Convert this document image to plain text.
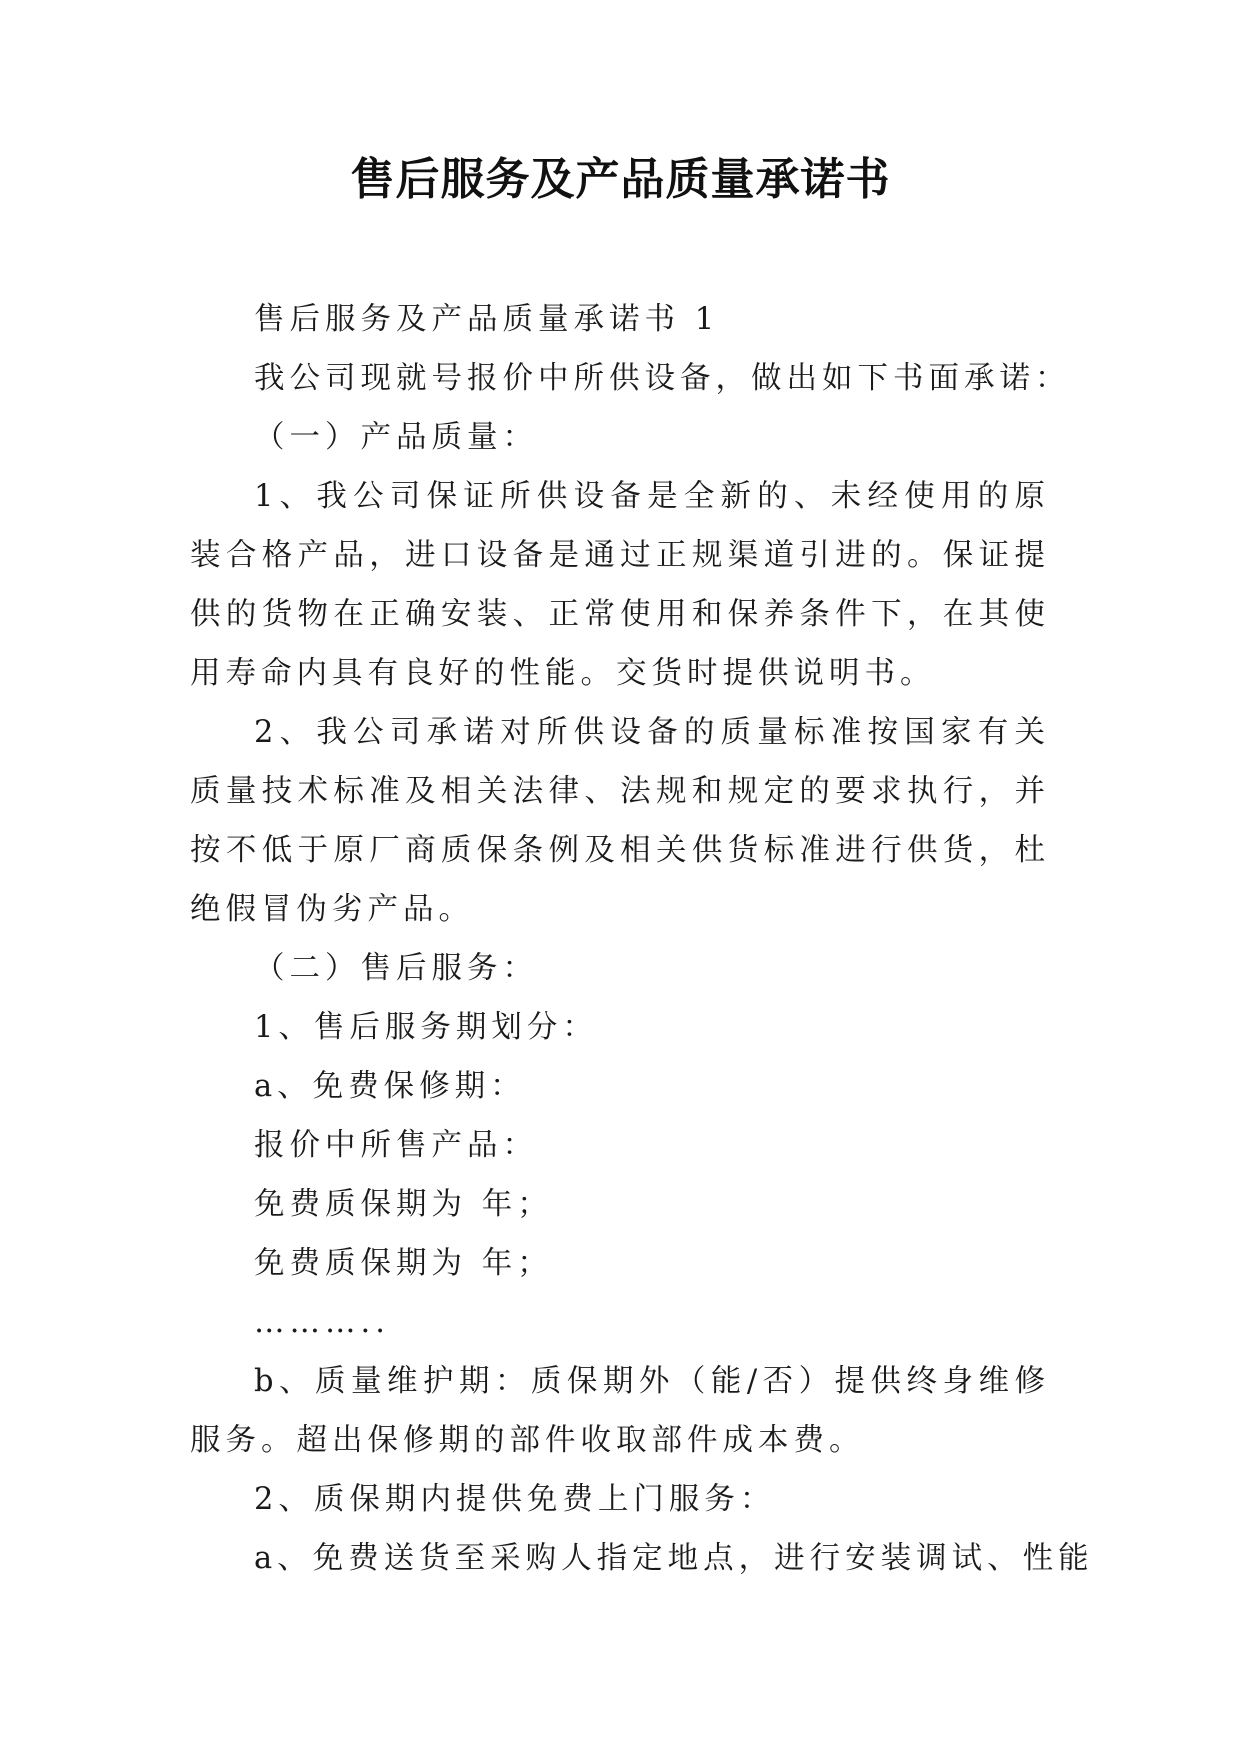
售后服务及产品质量承诺书

售后服务及产品质量承诺书 1

我公司现就号报价中所供设备，做出如下书面承诺：

（一）产品质量：

1、我公司保证所供设备是全新的、未经使用的原装合格产品，进口设备是通过正规渠道引进的。保证提供的货物在正确安装、正常使用和保养条件下，在其使用寿命内具有良好的性能。交货时提供说明书。

2、我公司承诺对所供设备的质量标准按国家有关质量技术标准及相关法律、法规和规定的要求执行，并按不低于原厂商质保条例及相关供货标准进行供货，杜绝假冒伪劣产品。

（二）售后服务：

1、售后服务期划分：

a、免费保修期：

报价中所售产品：

免费质保期为 年；

免费质保期为 年；

………..

b、质量维护期：质保期外（能/否）提供终身维修服务。超出保修期的部件收取部件成本费。

2、质保期内提供免费上门服务：

a、免费送货至采购人指定地点，进行安装调试、性能
